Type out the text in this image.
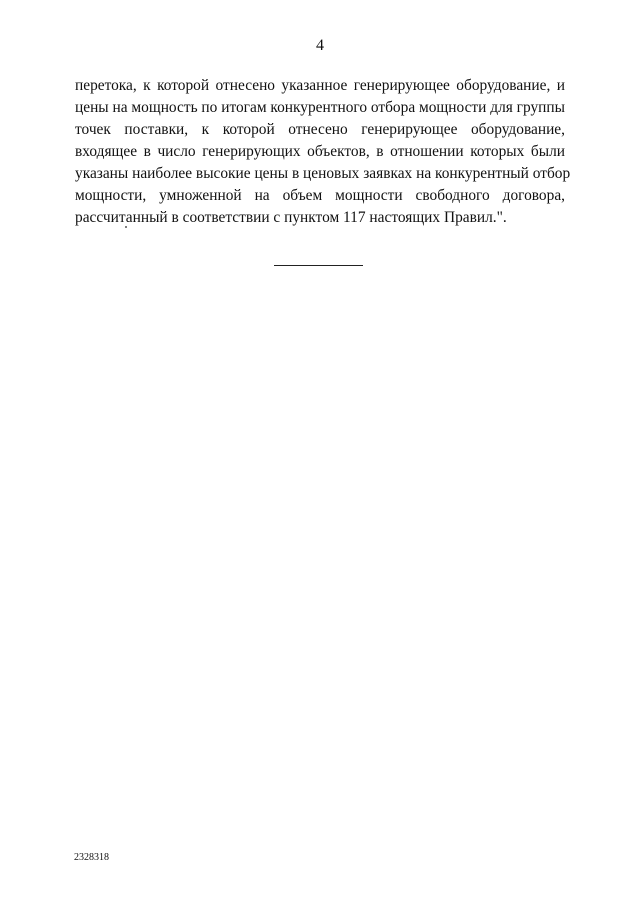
4

перетока, к которой отнесено указанное генерирующее оборудование, и
цены на мощность по итогам конкурентного отбора мощности для группы
точек поставки, к которой отнесено генерирующее оборудование,
входящее в число генерирующих объектов, в отношении которых были
указаны наиболее высокие цены в ценовых заявках на конкурентный отбор
мощности, умноженной на объем мощности свободного договора,
рассчитанный в соответствии с пунктом 117 настоящих Правил.".

2328318
